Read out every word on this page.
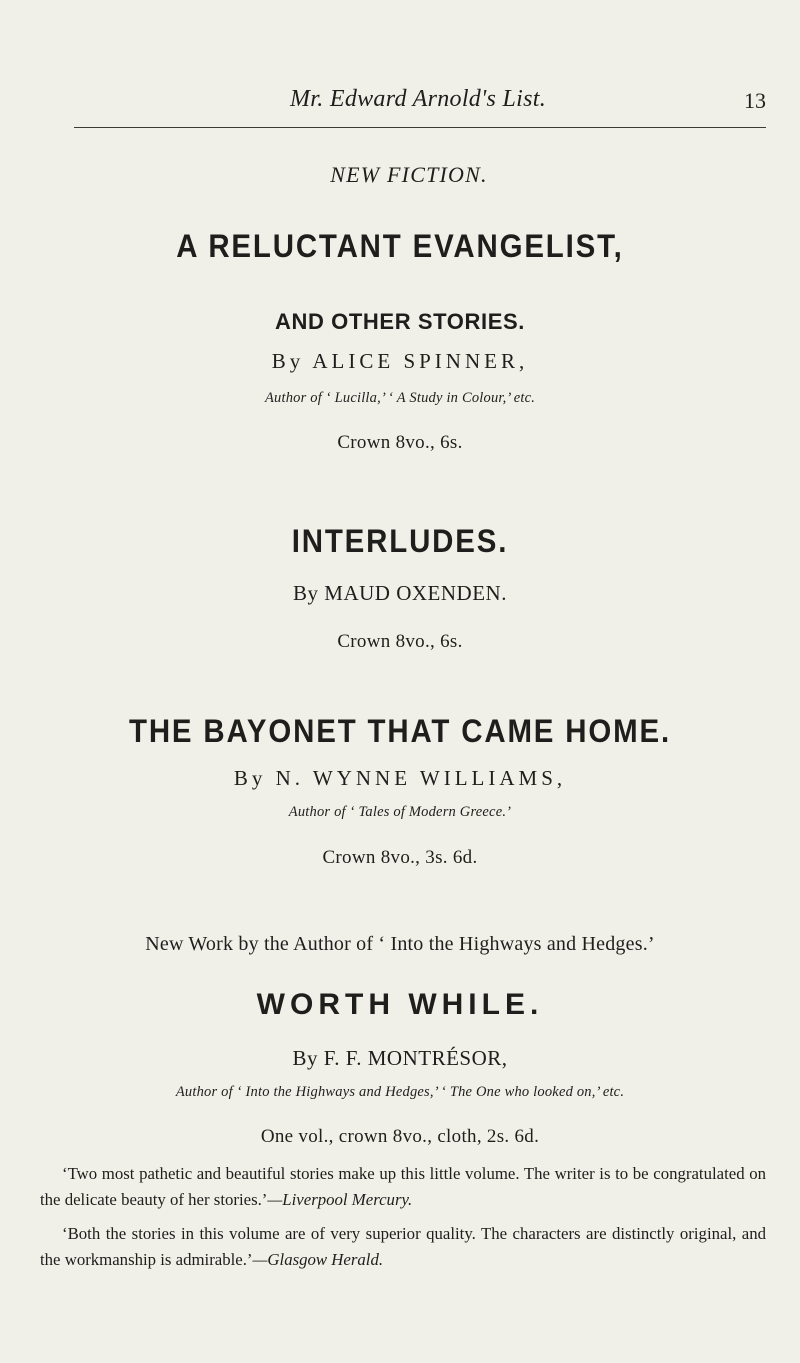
Mr. Edward Arnold's List.	13
NEW FICTION.
A RELUCTANT EVANGELIST,
AND OTHER STORIES.
By ALICE SPINNER,
Author of ‘ Lucilla,’ ‘ A Study in Colour,’ etc.
Crown 8vo., 6s.
INTERLUDES.
By MAUD OXENDEN.
Crown 8vo., 6s.
THE BAYONET THAT CAME HOME.
By N. WYNNE WILLIAMS,
Author of ‘ Tales of Modern Greece.’
Crown 8vo., 3s. 6d.
New Work by the Author of ‘ Into the Highways and Hedges.’
WORTH WHILE.
By F. F. MONTRÉSOR,
Author of ‘ Into the Highways and Hedges,’ ‘ The One who looked on,’ etc.
One vol., crown 8vo., cloth, 2s. 6d.

‘Two most pathetic and beautiful stories make up this little volume. The writer is to be congratulated on the delicate beauty of her stories.’—Liverpool Mercury.

‘Both the stories in this volume are of very superior quality. The characters are distinctly original, and the workmanship is admirable.’—Glasgow Herald.
